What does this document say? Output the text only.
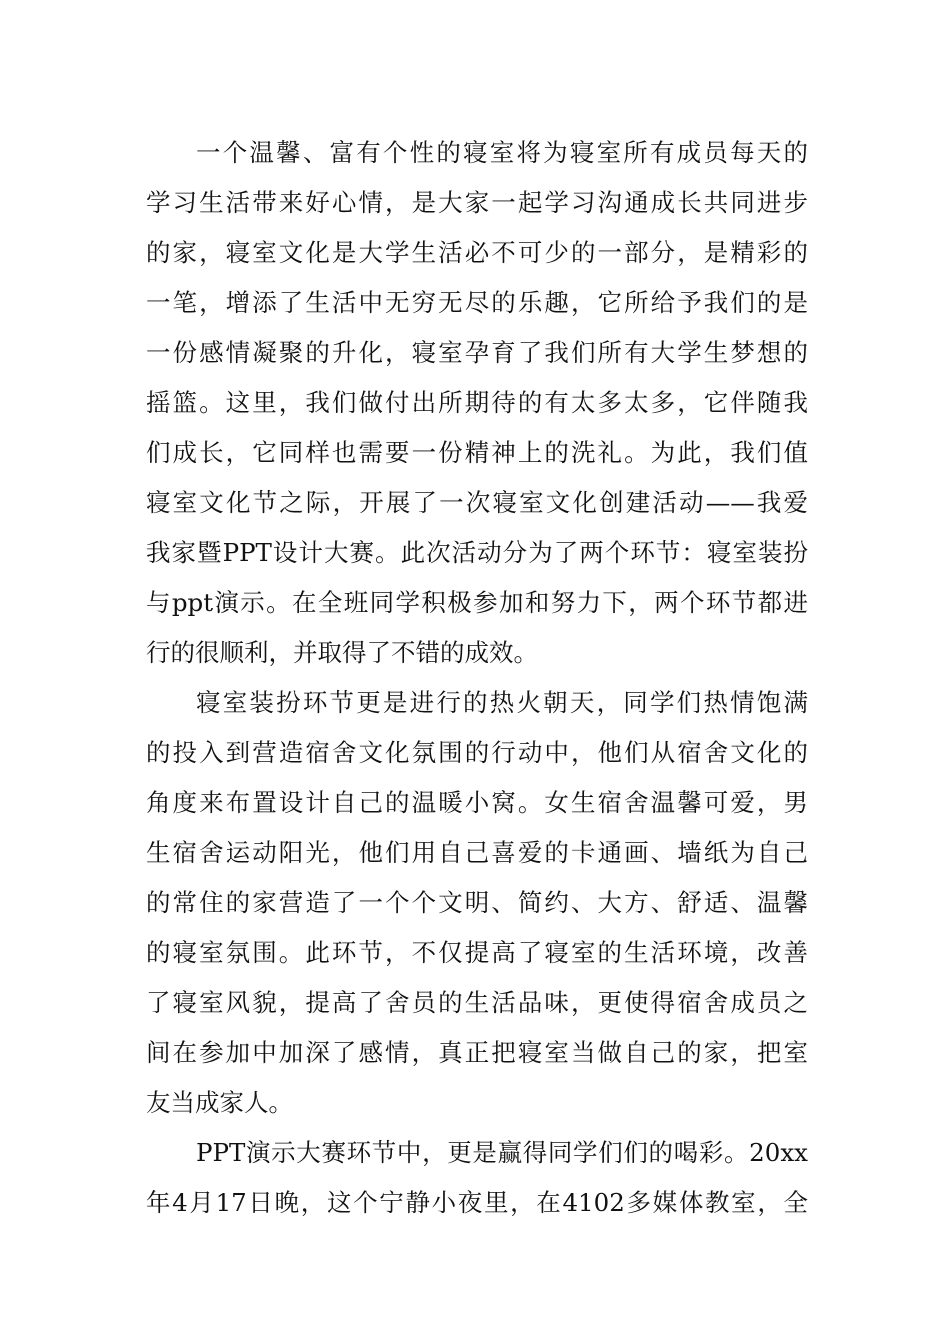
一个温馨、富有个性的寝室将为寝室所有成员每天的
学习生活带来好心情，是大家一起学习沟通成长共同进步
的家，寝室文化是大学生活必不可少的一部分，是精彩的
一笔，增添了生活中无穷无尽的乐趣，它所给予我们的是
一份感情凝聚的升化，寝室孕育了我们所有大学生梦想的
摇篮。这里，我们做付出所期待的有太多太多，它伴随我
们成长，它同样也需要一份精神上的洗礼。为此，我们值
寝室文化节之际，开展了一次寝室文化创建活动——我爱
我家暨PPT设计大赛。此次活动分为了两个环节：寝室装扮
与ppt演示。在全班同学积极参加和努力下，两个环节都进
行的很顺利，并取得了不错的成效。
寝室装扮环节更是进行的热火朝天，同学们热情饱满
的投入到营造宿舍文化氛围的行动中，他们从宿舍文化的
角度来布置设计自己的温暖小窝。女生宿舍温馨可爱，男
生宿舍运动阳光，他们用自己喜爱的卡通画、墙纸为自己
的常住的家营造了一个个文明、简约、大方、舒适、温馨
的寝室氛围。此环节，不仅提高了寝室的生活环境，改善
了寝室风貌，提高了舍员的生活品味，更使得宿舍成员之
间在参加中加深了感情，真正把寝室当做自己的家，把室
友当成家人。
PPT演示大赛环节中，更是赢得同学们们的喝彩。20xx
年4月17日晚，这个宁静小夜里，在4102多媒体教室，全
